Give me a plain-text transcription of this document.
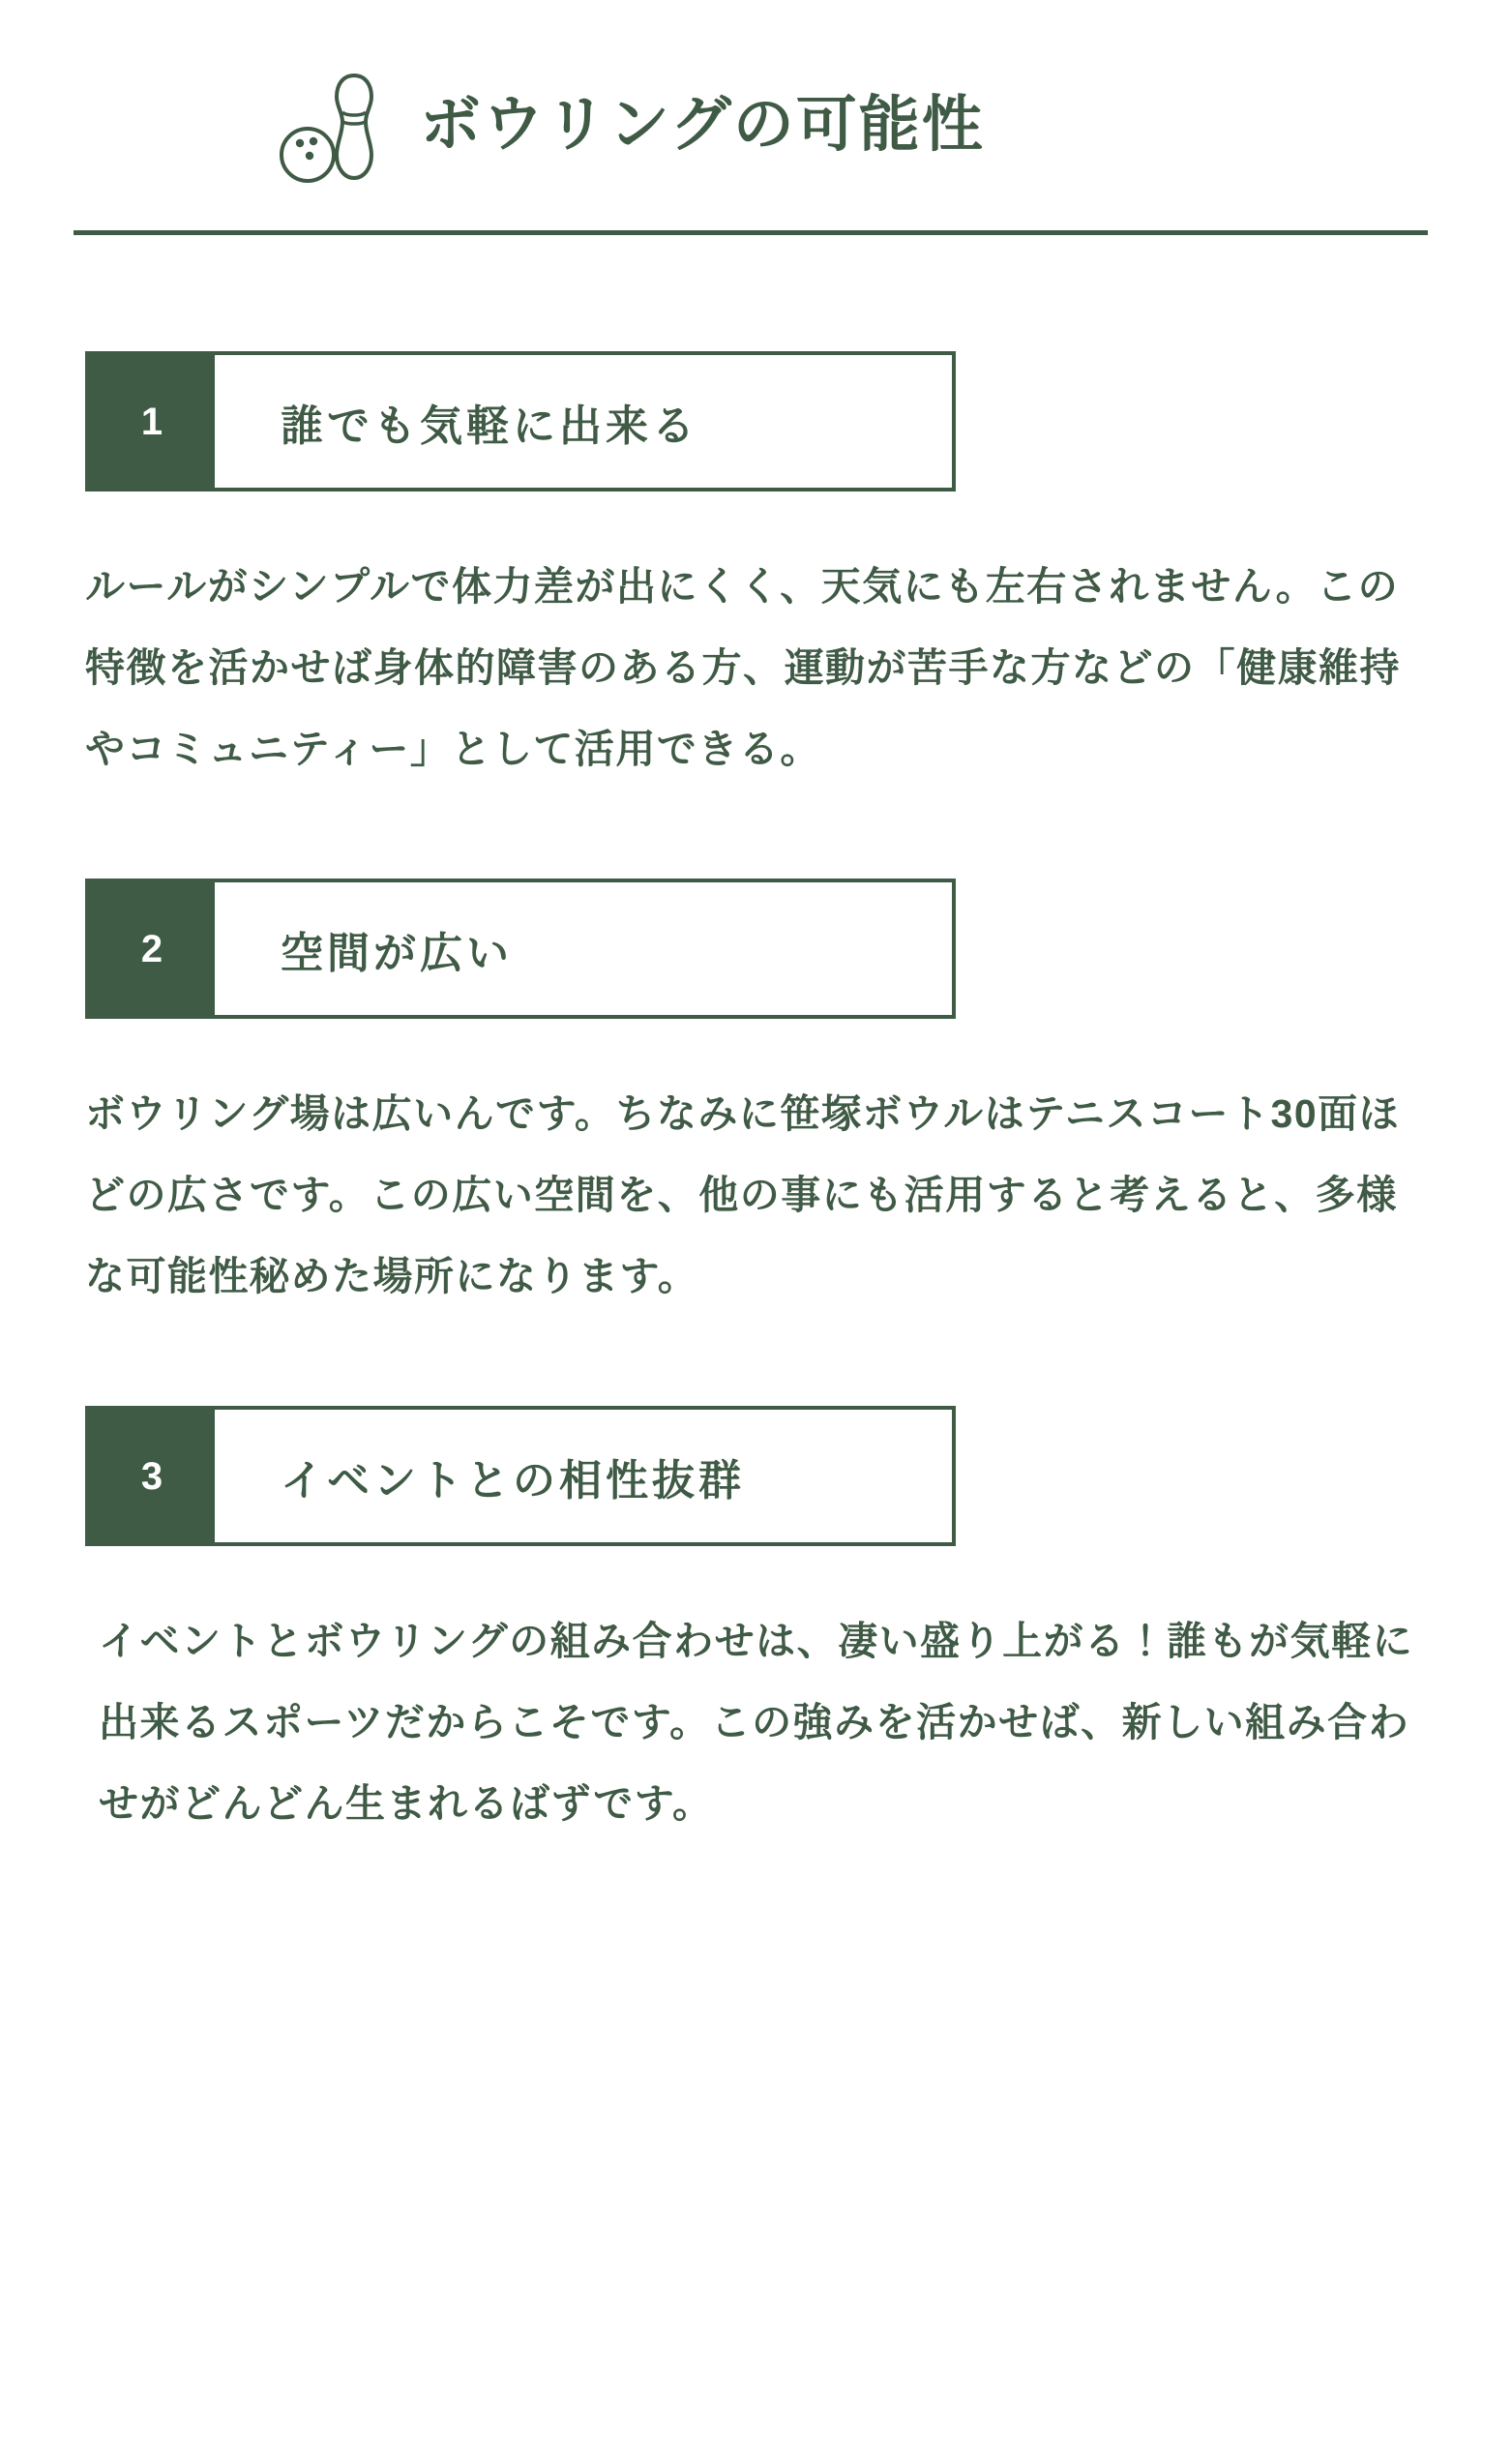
ボウリングの可能性
1	誰でも気軽に出来る
ルールがシンプルで体力差が出にくく、天気にも左右されません。この特徴を活かせば身体的障害のある方、運動が苦手な方などの「健康維持やコミュニティー」として活用できる。
2	空間が広い
ボウリング場は広いんです。ちなみに笹塚ボウルはテニスコート30面ほどの広さです。この広い空間を、他の事にも活用すると考えると、多様な可能性秘めた場所になります。
3	イベントとの相性抜群
イベントとボウリングの組み合わせは、凄い盛り上がる！誰もが気軽に出来るスポーツだからこそです。この強みを活かせば、新しい組み合わせがどんどん生まれるばずです。
